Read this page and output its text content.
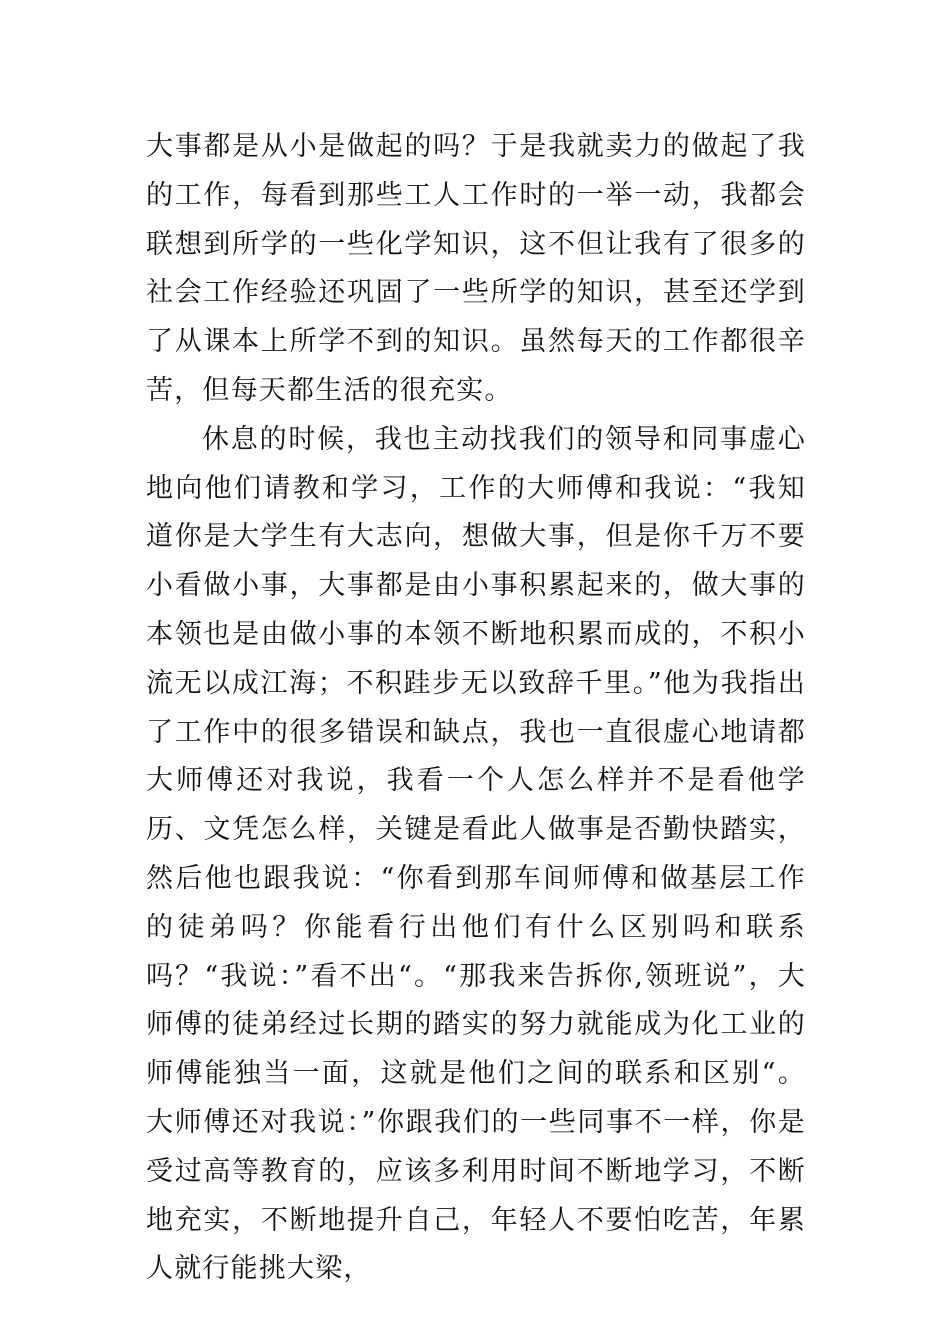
大事都是从小是做起的吗？于是我就卖力的做起了我的工作，每看到那些工人工作时的一举一动，我都会联想到所学的一些化学知识，这不但让我有了很多的社会工作经验还巩固了一些所学的知识，甚至还学到了从课本上所学不到的知识。虽然每天的工作都很辛苦，但每天都生活的很充实。

休息的时候，我也主动找我们的领导和同事虚心地向他们请教和学习，工作的大师傅和我说：“我知道你是大学生有大志向，想做大事，但是你千万不要小看做小事，大事都是由小事积累起来的，做大事的本领也是由做小事的本领不断地积累而成的，不积小流无以成江海；不积跬步无以致辞千里。”他为我指出了工作中的很多错误和缺点，我也一直很虚心地请都大师傅还对我说，我看一个人怎么样并不是看他学历、文凭怎么样，关键是看此人做事是否勤快踏实，然后他也跟我说：“你看到那车间师傅和做基层工作的徒弟吗？你能看行出他们有什么区别吗和联系吗？“我说：”看不出“。“那我来告拆你,领班说”，大师傅的徒弟经过长期的踏实的努力就能成为化工业的师傅能独当一面，这就是他们之间的联系和区别“。大师傅还对我说：”你跟我们的一些同事不一样，你是受过高等教育的，应该多利用时间不断地学习，不断地充实，不断地提升自己，年轻人不要怕吃苦，年累人就行能挑大梁，
